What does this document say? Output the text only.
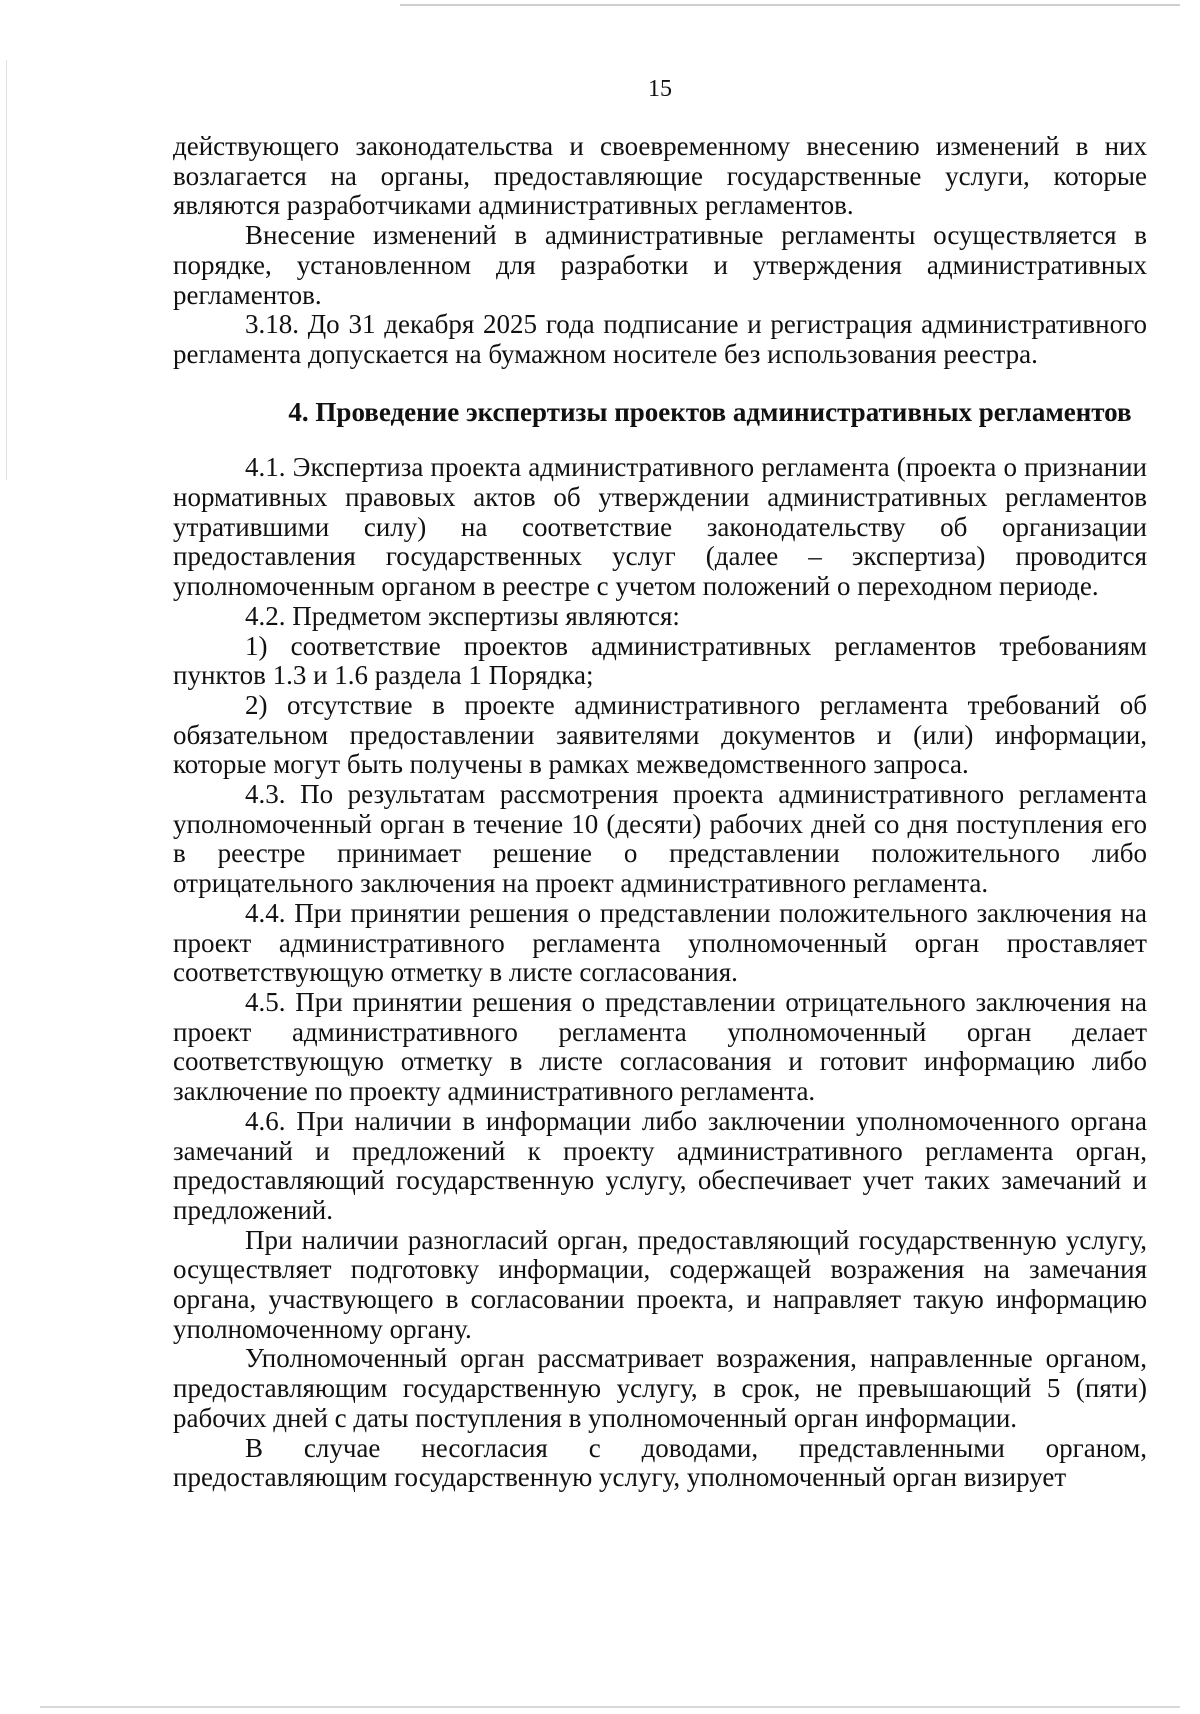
15

действующего законодательства и своевременному внесению изменений в них возлагается на органы, предоставляющие государственные услуги, которые являются разработчиками административных регламентов.

Внесение изменений в административные регламенты осуществляется в порядке, установленном для разработки и утверждения административных регламентов.

3.18. До 31 декабря 2025 года подписание и регистрация административного регламента допускается на бумажном носителе без использования реестра.

4. Проведение экспертизы проектов административных регламентов

4.1. Экспертиза проекта административного регламента (проекта о признании нормативных правовых актов об утверждении административных регламентов утратившими силу) на соответствие законодательству об организации предоставления государственных услуг (далее – экспертиза) проводится уполномоченным органом в реестре с учетом положений о переходном периоде.

4.2. Предметом экспертизы являются:

1) соответствие проектов административных регламентов требованиям пунктов 1.3 и 1.6 раздела 1 Порядка;

2) отсутствие в проекте административного регламента требований об обязательном предоставлении заявителями документов и (или) информации, которые могут быть получены в рамках межведомственного запроса.

4.3. По результатам рассмотрения проекта административного регламента уполномоченный орган в течение 10 (десяти) рабочих дней со дня поступления его в реестре принимает решение о представлении положительного либо отрицательного заключения на проект административного регламента.

4.4. При принятии решения о представлении положительного заключения на проект административного регламента уполномоченный орган проставляет соответствующую отметку в листе согласования.

4.5. При принятии решения о представлении отрицательного заключения на проект административного регламента уполномоченный орган делает соответствующую отметку в листе согласования и готовит информацию либо заключение по проекту административного регламента.

4.6. При наличии в информации либо заключении уполномоченного органа замечаний и предложений к проекту административного регламента орган, предоставляющий государственную услугу, обеспечивает учет таких замечаний и предложений.

При наличии разногласий орган, предоставляющий государственную услугу, осуществляет подготовку информации, содержащей возражения на замечания органа, участвующего в согласовании проекта, и направляет такую информацию уполномоченному органу.

Уполномоченный орган рассматривает возражения, направленные органом, предоставляющим государственную услугу, в срок, не превышающий 5 (пяти) рабочих дней с даты поступления в уполномоченный орган информации.

В случае несогласия с доводами, представленными органом, предоставляющим государственную услугу, уполномоченный орган визирует
